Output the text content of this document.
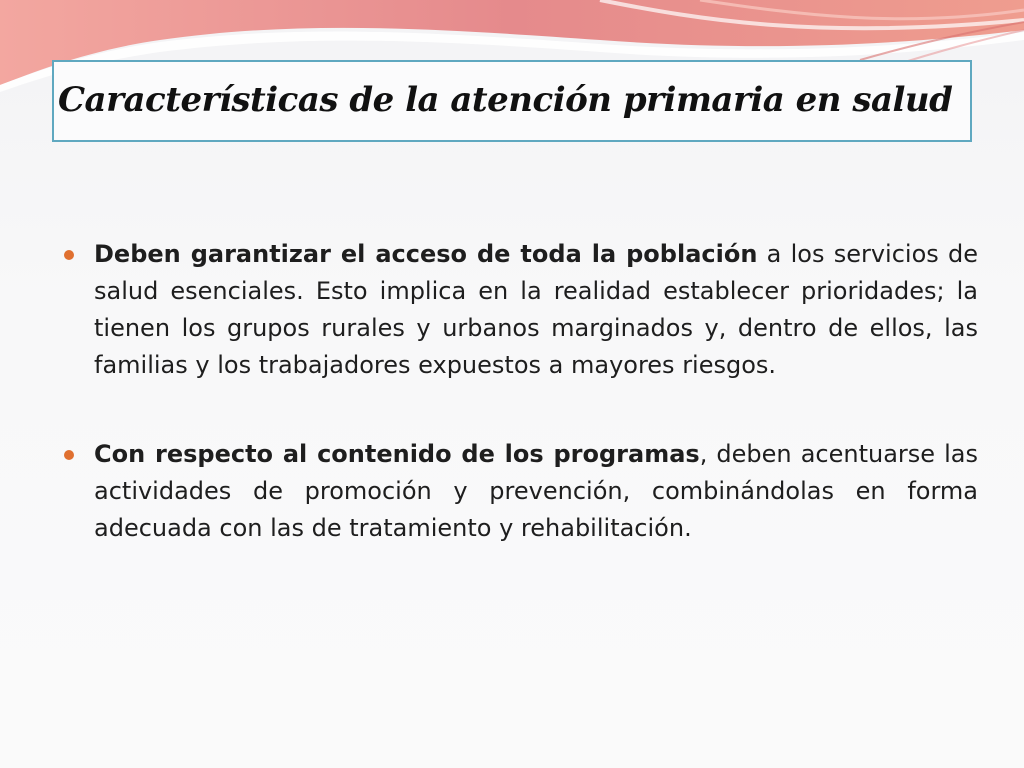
Características de la atención primaria en salud
Deben garantizar el acceso de toda la población a los servicios de salud esenciales. Esto implica en la realidad establecer prioridades; la tienen los grupos rurales y urbanos marginados y, dentro de ellos, las familias y los trabajadores expuestos a mayores riesgos.
Con respecto al contenido de los programas, deben acentuarse las actividades de promoción y prevención, combinándolas en forma adecuada con las de tratamiento y rehabilitación.
